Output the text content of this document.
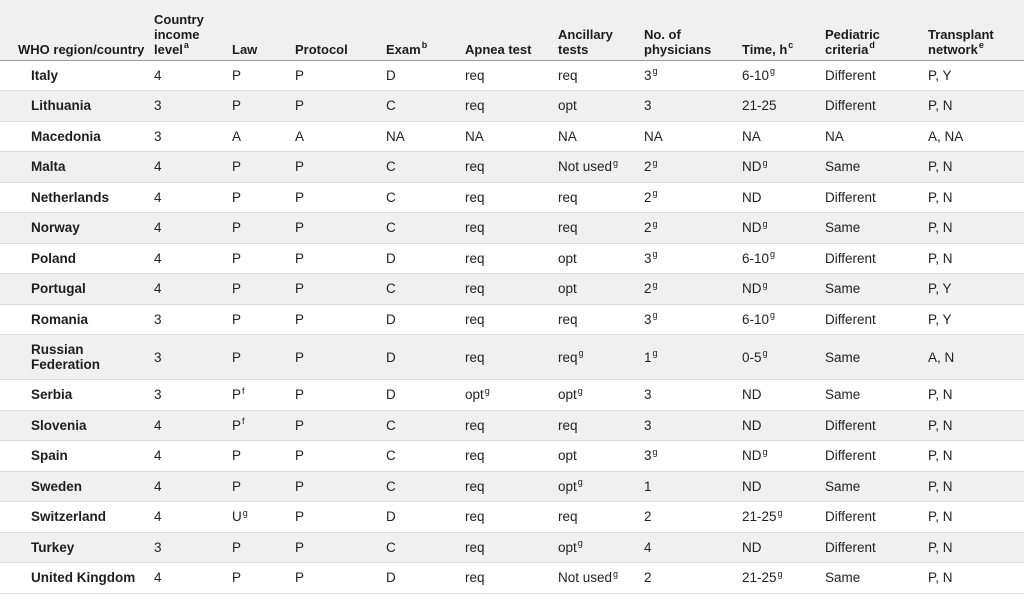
WHO region/country	Country income level$^a$	Law	Protocol	Exam$^b$	Apnea test	Ancillary tests	No. of physicians	Time, $h^c$	Pediatric criteria$^d$	Transplant network$^e$
Italy	4	P	P	D	req	req	3$^g$	6-10$^g$	Different	P, Y
Lithuania	3	P	P	C	req	opt	3	21-25	Different	P, N
Macedonia	3	A	A	NA	NA	NA	NA	NA	NA	A, NA
Malta	4	P	P	C	req	Not used$^g$	2$^g$	$ND^g$	Same	P, N
Netherlands	4	P	P	C	req	req	2$^g$	ND	Different	P, N
Norway	4	P	P	C	req	req	2$^g$	$ND^g$	Same	P, N
Poland	4	P	P	D	req	opt	3$^g$	6-10$^g$	Different	P, N
Portugal	4	P	P	C	req	opt	2$^g$	$ND^g$	Same	P, Y
Romania	3	P	P	D	req	req	3$^g$	6-10$^g$	Different	P, Y
Russian Federation	3	P	P	D	req	req$^g$	1$^g$	0-5$^g$	Same	A, N
Serbia	3	$P^f$	P	D	opt$^g$	opt$^g$	3	ND	Same	P, N
Slovenia	4	$P^f$	P	C	req	req	3	ND	Different	P, N
Spain	4	P	P	C	req	opt	3$^g$	$ND^g$	Different	P, N
Sweden	4	P	P	C	req	opt$^g$	1	ND	Same	P, N
Switzerland	4	$U^g$	P	D	req	req	2	21-25$^g$	Different	P, N
Turkey	3	P	P	C	req	opt$^g$	4	ND	Different	P, N
United Kingdom	4	P	P	D	req	Not used$^g$	2	21-25$^g$	Same	P, N
